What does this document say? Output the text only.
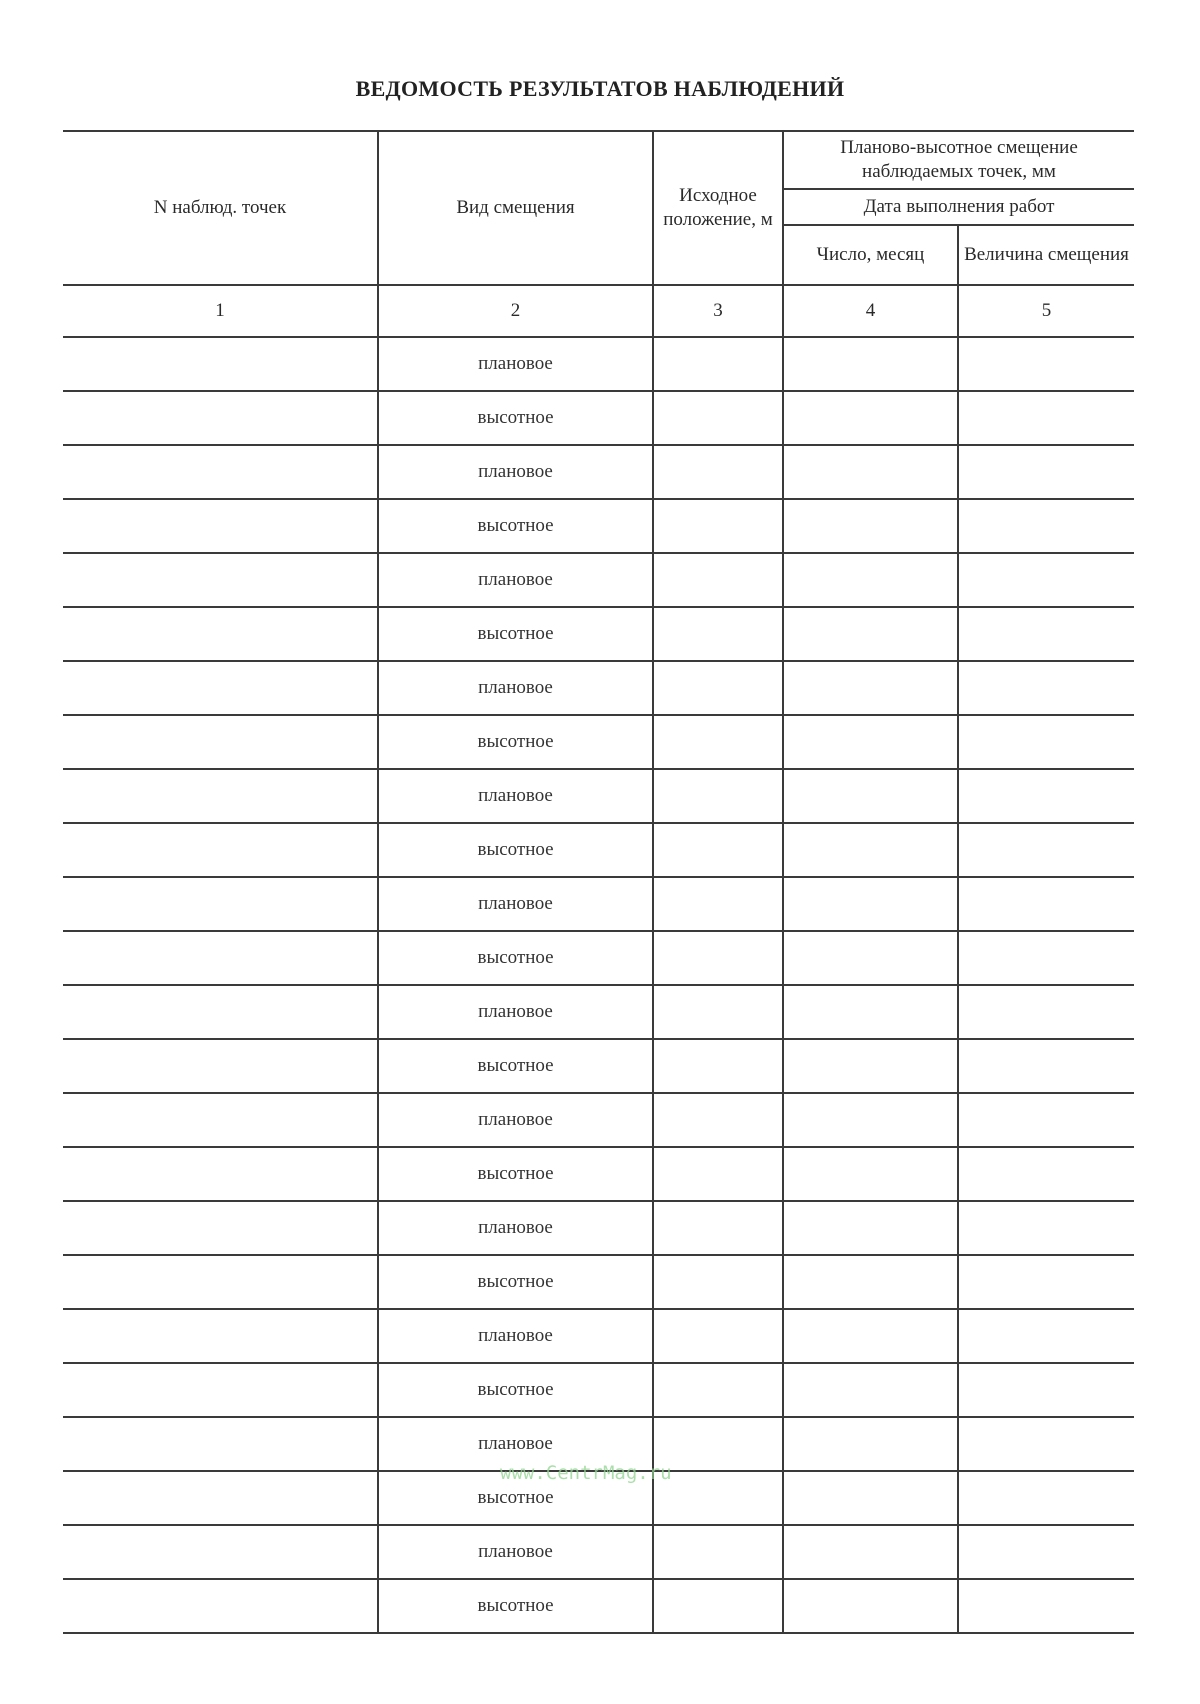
ВЕДОМОСТЬ РЕЗУЛЬТАТОВ НАБЛЮДЕНИЙ
N наблюд. точек	Вид смещения	Исходное положение, м	Планово-высотное смещение наблюдаемых точек, мм	
			Дата выполнения работ	
			Число, месяц	Величина смещения
1	2	3	4	5
	плановое			
	высотное			
	плановое			
	высотное			
	плановое			
	высотное			
	плановое			
	высотное			
	плановое			
	высотное			
	плановое			
	высотное			
	плановое			
	высотное			
	плановое			
	высотное			
	плановое			
	высотное			
	плановое			
	высотное			
	плановое			
	высотное			
	плановое			
	высотное			
www.CentrMag.ru
